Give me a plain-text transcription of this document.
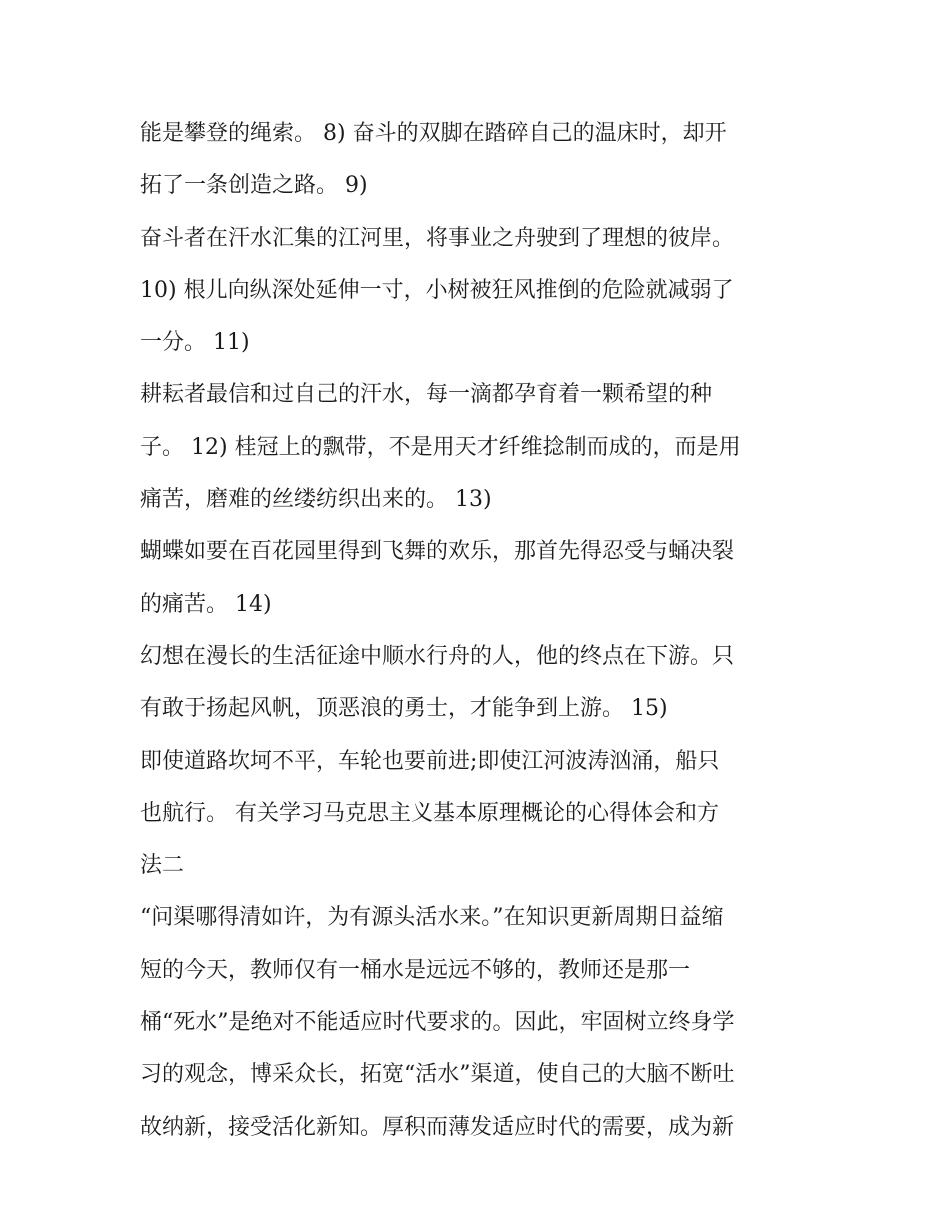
能是攀登的绳索。 8) 奋斗的双脚在踏碎自己的温床时，却开
拓了一条创造之路。 9)
奋斗者在汗水汇集的江河里，将事业之舟驶到了理想的彼岸。
10) 根儿向纵深处延伸一寸，小树被狂风推倒的危险就减弱了
一分。 11)
耕耘者最信和过自己的汗水，每一滴都孕育着一颗希望的种
子。 12) 桂冠上的飘带，不是用天才纤维捻制而成的，而是用
痛苦，磨难的丝缕纺织出来的。 13)
蝴蝶如要在百花园里得到飞舞的欢乐，那首先得忍受与蛹决裂
的痛苦。 14)
幻想在漫长的生活征途中顺水行舟的人，他的终点在下游。只
有敢于扬起风帆，顶恶浪的勇士，才能争到上游。 15)
即使道路坎坷不平，车轮也要前进;即使江河波涛汹涌，船只
也航行。 有关学习马克思主义基本原理概论的心得体会和方
法二
“问渠哪得清如许，为有源头活水来。”在知识更新周期日益缩
短的今天，教师仅有一桶水是远远不够的，教师还是那一
桶“死水”是绝对不能适应时代要求的。因此，牢固树立终身学
习的观念，博采众长，拓宽“活水”渠道，使自己的大脑不断吐
故纳新，接受活化新知。厚积而薄发适应时代的需要，成为新
